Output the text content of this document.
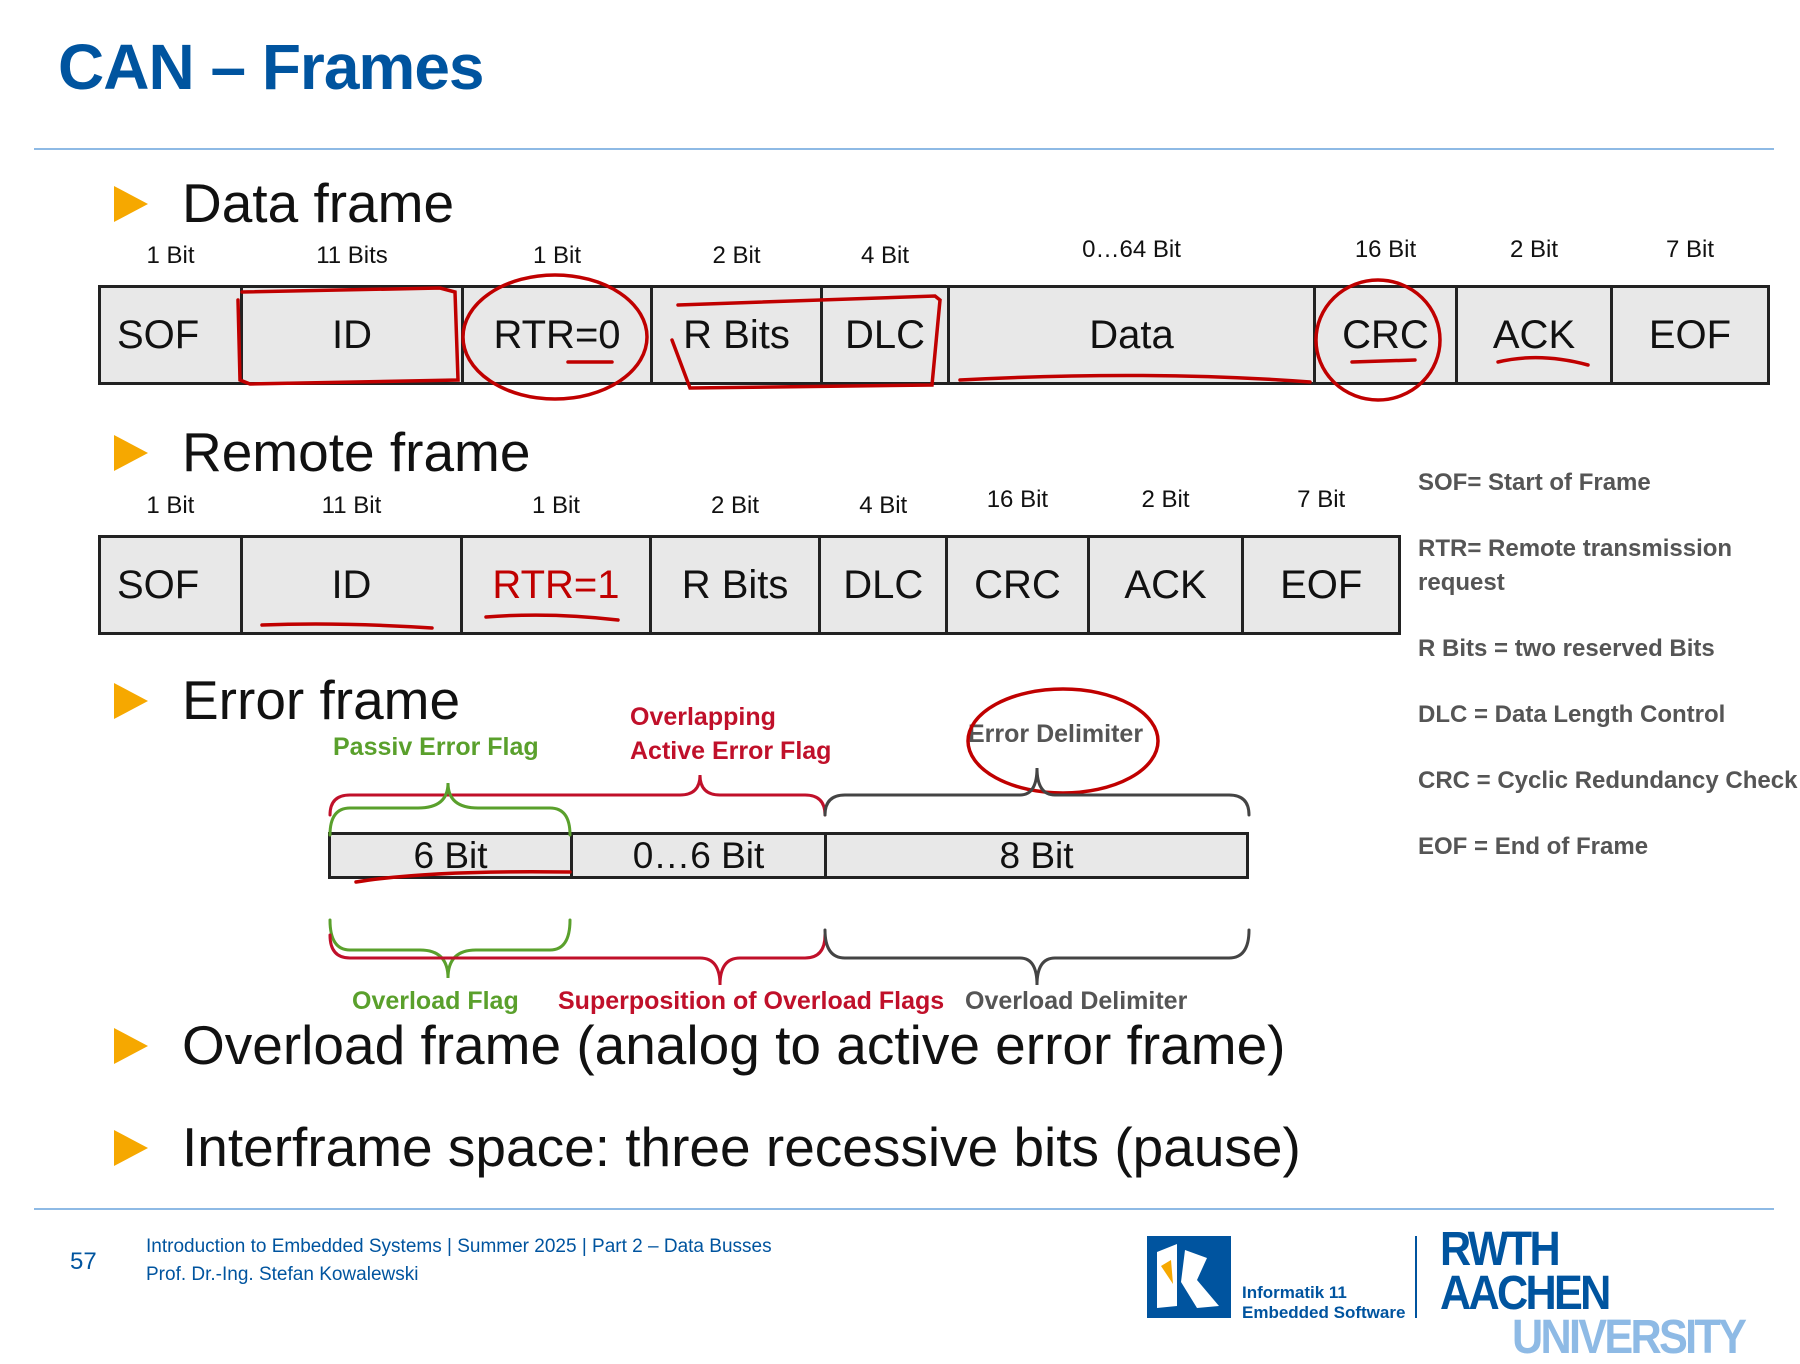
CAN – Frames
Data frame
1 Bit
SOF
11 Bits
ID
1 Bit
RTR=0
2 Bit
R Bits
4 Bit
DLC
0…64 Bit
Data
16 Bit
CRC
2 Bit
ACK
7 Bit
EOF
Remote frame
1 Bit
SOF
11 Bit
ID
1 Bit
RTR=1
2 Bit
R Bits
4 Bit
DLC
16 Bit
CRC
2 Bit
ACK
7 Bit
EOF
Error frame
Passiv Error Flag
Overlapping
Active Error Flag
Error Delimiter
6 Bit	0…6 Bit	8 Bit
Overload Flag Superposition of Overload Flags Overload Delimiter
Overload frame (analog to active error frame)
Interframe space: three recessive bits (pause)
SOF= Start of Frame
RTR= Remote transmission
request
R Bits = two reserved Bits
DLC = Data Length Control
CRC = Cyclic Redundancy Check
EOF = End of Frame
57
Introduction to Embedded Systems | Summer 2025 | Part 2 – Data Busses
Prof. Dr.-Ing. Stefan Kowalewski
Informatik 11
Embedded Software
RWTH AACHEN
UNIVERSITY
